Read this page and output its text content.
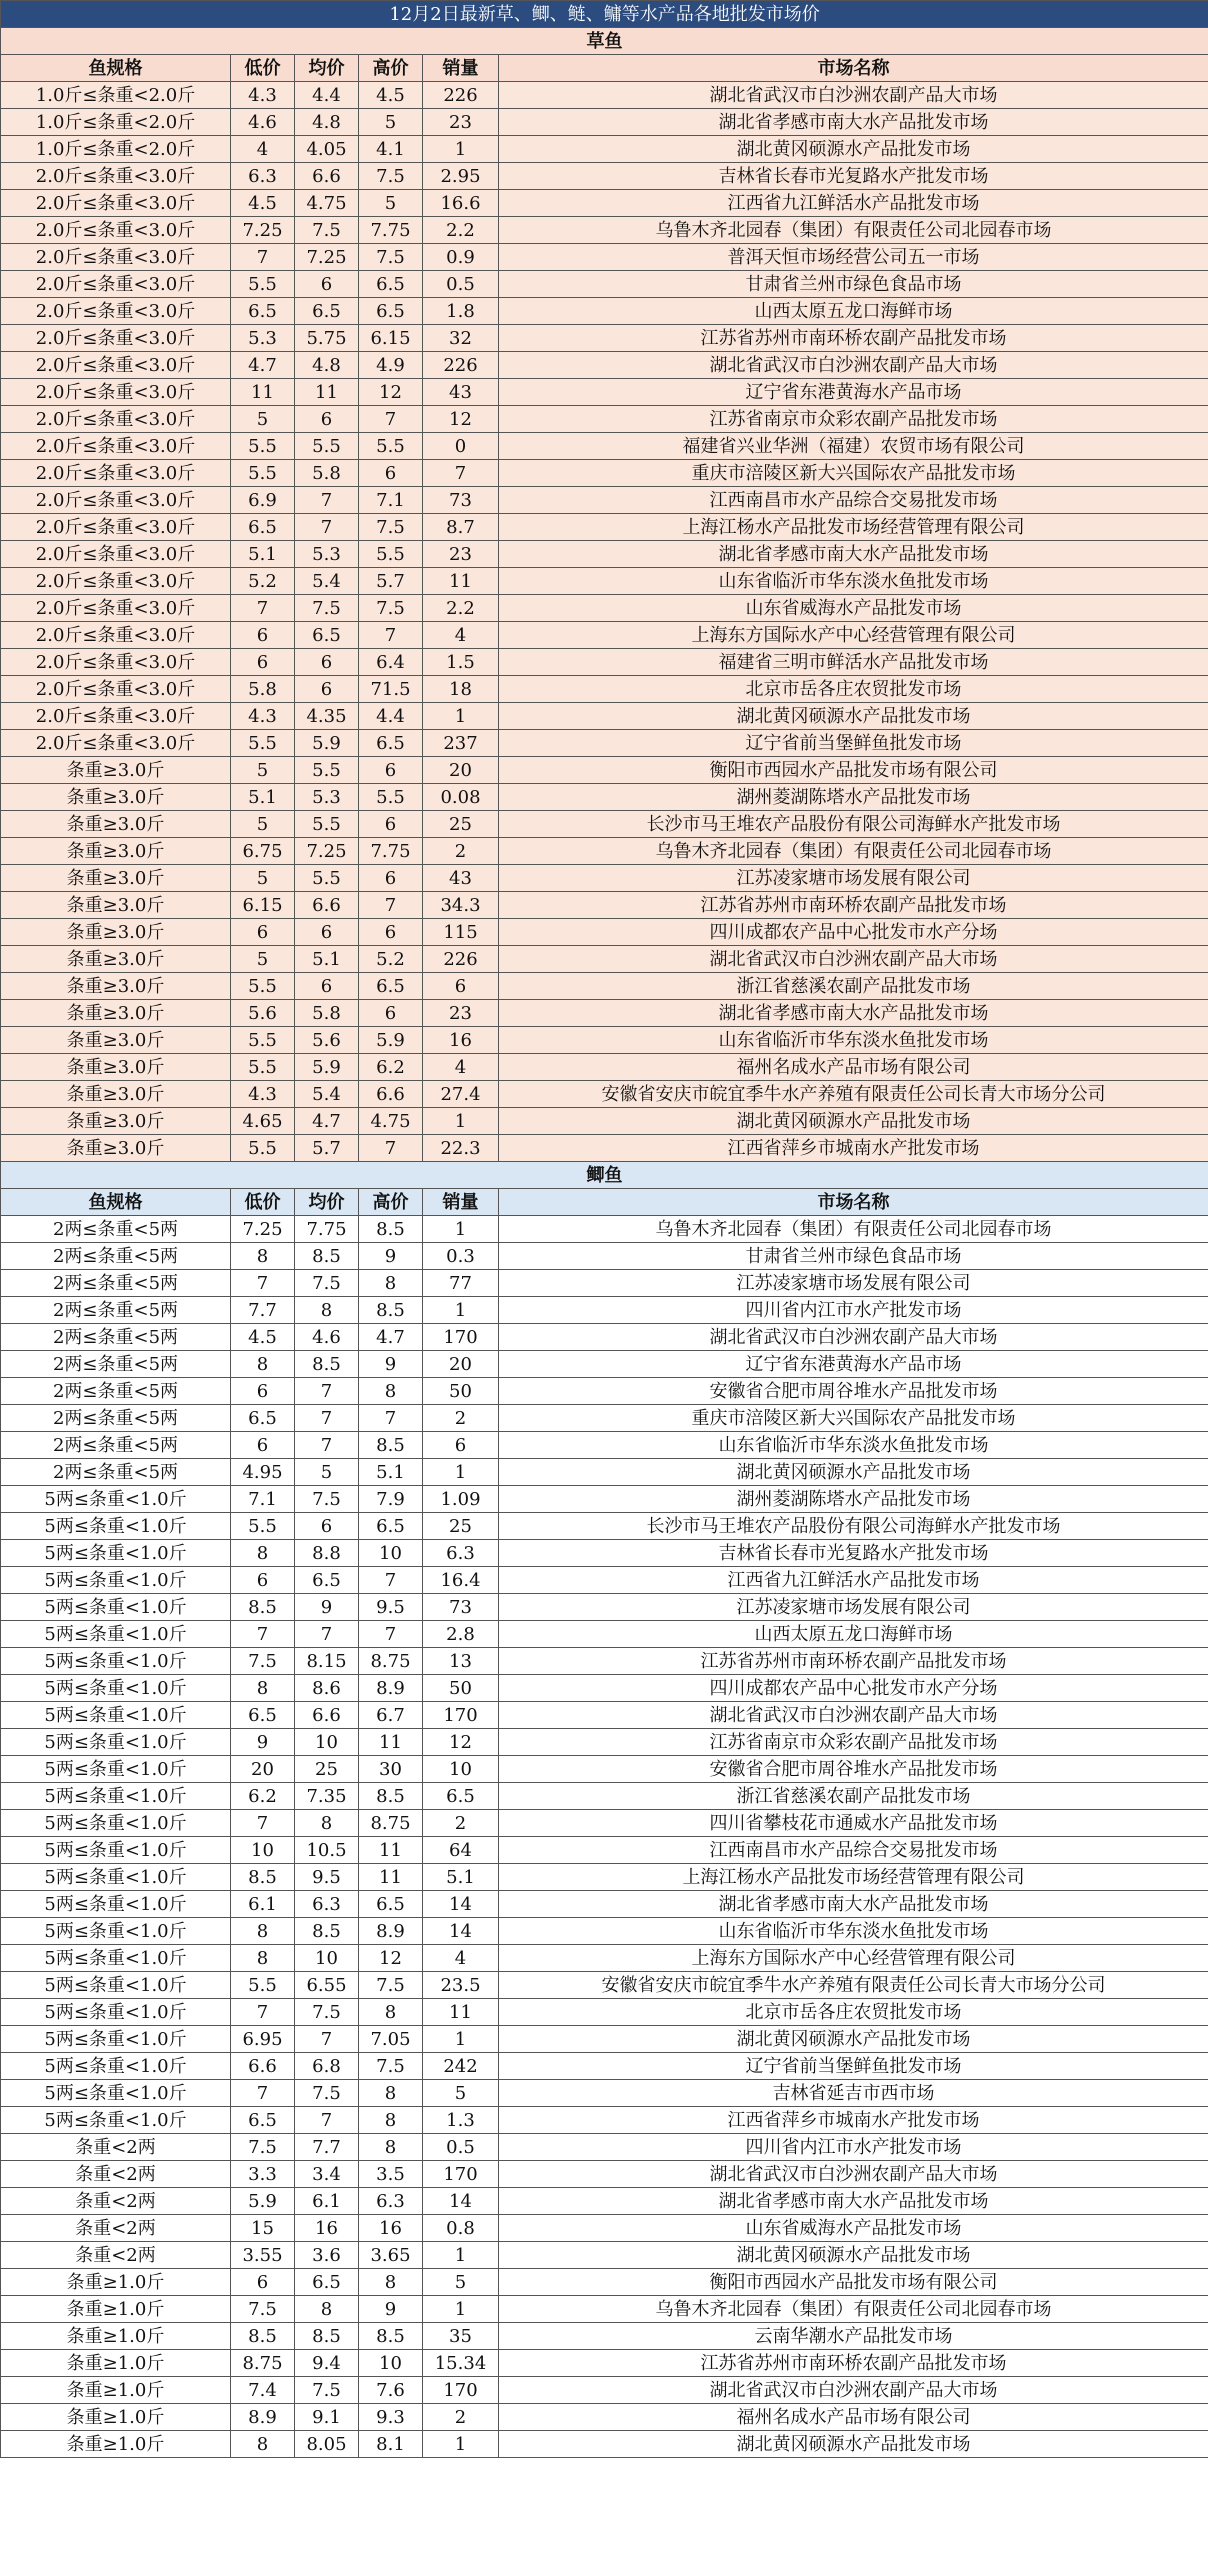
12月2日最新草、鲫、鲢、鳙等水产品各地批发市场价					
草鱼					
鱼规格	低价	均价	高价	销量	市场名称
1.0斤≤条重<2.0斤	4.3	4.4	4.5	226	湖北省武汉市白沙洲农副产品大市场
1.0斤≤条重<2.0斤	4.6	4.8	5	23	湖北省孝感市南大水产品批发市场
1.0斤≤条重<2.0斤	4	4.05	4.1	1	湖北黄冈硕源水产品批发市场
2.0斤≤条重<3.0斤	6.3	6.6	7.5	2.95	吉林省长春市光复路水产批发市场
2.0斤≤条重<3.0斤	4.5	4.75	5	16.6	江西省九江鲜活水产品批发市场
2.0斤≤条重<3.0斤	7.25	7.5	7.75	2.2	乌鲁木齐北园春（集团）有限责任公司北园春市场
2.0斤≤条重<3.0斤	7	7.25	7.5	0.9	普洱天恒市场经营公司五一市场
2.0斤≤条重<3.0斤	5.5	6	6.5	0.5	甘肃省兰州市绿色食品市场
2.0斤≤条重<3.0斤	6.5	6.5	6.5	1.8	山西太原五龙口海鲜市场
2.0斤≤条重<3.0斤	5.3	5.75	6.15	32	江苏省苏州市南环桥农副产品批发市场
2.0斤≤条重<3.0斤	4.7	4.8	4.9	226	湖北省武汉市白沙洲农副产品大市场
2.0斤≤条重<3.0斤	11	11	12	43	辽宁省东港黄海水产品市场
2.0斤≤条重<3.0斤	5	6	7	12	江苏省南京市众彩农副产品批发市场
2.0斤≤条重<3.0斤	5.5	5.5	5.5	0	福建省兴业华洲（福建）农贸市场有限公司
2.0斤≤条重<3.0斤	5.5	5.8	6	7	重庆市涪陵区新大兴国际农产品批发市场
2.0斤≤条重<3.0斤	6.9	7	7.1	73	江西南昌市水产品综合交易批发市场
2.0斤≤条重<3.0斤	6.5	7	7.5	8.7	上海江杨水产品批发市场经营管理有限公司
2.0斤≤条重<3.0斤	5.1	5.3	5.5	23	湖北省孝感市南大水产品批发市场
2.0斤≤条重<3.0斤	5.2	5.4	5.7	11	山东省临沂市华东淡水鱼批发市场
2.0斤≤条重<3.0斤	7	7.5	7.5	2.2	山东省威海水产品批发市场
2.0斤≤条重<3.0斤	6	6.5	7	4	上海东方国际水产中心经营管理有限公司
2.0斤≤条重<3.0斤	6	6	6.4	1.5	福建省三明市鲜活水产品批发市场
2.0斤≤条重<3.0斤	5.8	6	71.5	18	北京市岳各庄农贸批发市场
2.0斤≤条重<3.0斤	4.3	4.35	4.4	1	湖北黄冈硕源水产品批发市场
2.0斤≤条重<3.0斤	5.5	5.9	6.5	237	辽宁省前当堡鲜鱼批发市场
条重≥3.0斤	5	5.5	6	20	衡阳市西园水产品批发市场有限公司
条重≥3.0斤	5.1	5.3	5.5	0.08	湖州菱湖陈塔水产品批发市场
条重≥3.0斤	5	5.5	6	25	长沙市马王堆农产品股份有限公司海鲜水产批发市场
条重≥3.0斤	6.75	7.25	7.75	2	乌鲁木齐北园春（集团）有限责任公司北园春市场
条重≥3.0斤	5	5.5	6	43	江苏凌家塘市场发展有限公司
条重≥3.0斤	6.15	6.6	7	34.3	江苏省苏州市南环桥农副产品批发市场
条重≥3.0斤	6	6	6	115	四川成都农产品中心批发市水产分场
条重≥3.0斤	5	5.1	5.2	226	湖北省武汉市白沙洲农副产品大市场
条重≥3.0斤	5.5	6	6.5	6	浙江省慈溪农副产品批发市场
条重≥3.0斤	5.6	5.8	6	23	湖北省孝感市南大水产品批发市场
条重≥3.0斤	5.5	5.6	5.9	16	山东省临沂市华东淡水鱼批发市场
条重≥3.0斤	5.5	5.9	6.2	4	福州名成水产品市场有限公司
条重≥3.0斤	4.3	5.4	6.6	27.4	安徽省安庆市皖宜季牛水产养殖有限责任公司长青大市场分公司
条重≥3.0斤	4.65	4.7	4.75	1	湖北黄冈硕源水产品批发市场
条重≥3.0斤	5.5	5.7	7	22.3	江西省萍乡市城南水产批发市场
鲫鱼					
鱼规格	低价	均价	高价	销量	市场名称
2两≤条重<5两	7.25	7.75	8.5	1	乌鲁木齐北园春（集团）有限责任公司北园春市场
2两≤条重<5两	8	8.5	9	0.3	甘肃省兰州市绿色食品市场
2两≤条重<5两	7	7.5	8	77	江苏凌家塘市场发展有限公司
2两≤条重<5两	7.7	8	8.5	1	四川省内江市水产批发市场
2两≤条重<5两	4.5	4.6	4.7	170	湖北省武汉市白沙洲农副产品大市场
2两≤条重<5两	8	8.5	9	20	辽宁省东港黄海水产品市场
2两≤条重<5两	6	7	8	50	安徽省合肥市周谷堆水产品批发市场
2两≤条重<5两	6.5	7	7	2	重庆市涪陵区新大兴国际农产品批发市场
2两≤条重<5两	6	7	8.5	6	山东省临沂市华东淡水鱼批发市场
2两≤条重<5两	4.95	5	5.1	1	湖北黄冈硕源水产品批发市场
5两≤条重<1.0斤	7.1	7.5	7.9	1.09	湖州菱湖陈塔水产品批发市场
5两≤条重<1.0斤	5.5	6	6.5	25	长沙市马王堆农产品股份有限公司海鲜水产批发市场
5两≤条重<1.0斤	8	8.8	10	6.3	吉林省长春市光复路水产批发市场
5两≤条重<1.0斤	6	6.5	7	16.4	江西省九江鲜活水产品批发市场
5两≤条重<1.0斤	8.5	9	9.5	73	江苏凌家塘市场发展有限公司
5两≤条重<1.0斤	7	7	7	2.8	山西太原五龙口海鲜市场
5两≤条重<1.0斤	7.5	8.15	8.75	13	江苏省苏州市南环桥农副产品批发市场
5两≤条重<1.0斤	8	8.6	8.9	50	四川成都农产品中心批发市水产分场
5两≤条重<1.0斤	6.5	6.6	6.7	170	湖北省武汉市白沙洲农副产品大市场
5两≤条重<1.0斤	9	10	11	12	江苏省南京市众彩农副产品批发市场
5两≤条重<1.0斤	20	25	30	10	安徽省合肥市周谷堆水产品批发市场
5两≤条重<1.0斤	6.2	7.35	8.5	6.5	浙江省慈溪农副产品批发市场
5两≤条重<1.0斤	7	8	8.75	2	四川省攀枝花市通威水产品批发市场
5两≤条重<1.0斤	10	10.5	11	64	江西南昌市水产品综合交易批发市场
5两≤条重<1.0斤	8.5	9.5	11	5.1	上海江杨水产品批发市场经营管理有限公司
5两≤条重<1.0斤	6.1	6.3	6.5	14	湖北省孝感市南大水产品批发市场
5两≤条重<1.0斤	8	8.5	8.9	14	山东省临沂市华东淡水鱼批发市场
5两≤条重<1.0斤	8	10	12	4	上海东方国际水产中心经营管理有限公司
5两≤条重<1.0斤	5.5	6.55	7.5	23.5	安徽省安庆市皖宜季牛水产养殖有限责任公司长青大市场分公司
5两≤条重<1.0斤	7	7.5	8	11	北京市岳各庄农贸批发市场
5两≤条重<1.0斤	6.95	7	7.05	1	湖北黄冈硕源水产品批发市场
5两≤条重<1.0斤	6.6	6.8	7.5	242	辽宁省前当堡鲜鱼批发市场
5两≤条重<1.0斤	7	7.5	8	5	吉林省延吉市西市场
5两≤条重<1.0斤	6.5	7	8	1.3	江西省萍乡市城南水产批发市场
条重<2两	7.5	7.7	8	0.5	四川省内江市水产批发市场
条重<2两	3.3	3.4	3.5	170	湖北省武汉市白沙洲农副产品大市场
条重<2两	5.9	6.1	6.3	14	湖北省孝感市南大水产品批发市场
条重<2两	15	16	16	0.8	山东省威海水产品批发市场
条重<2两	3.55	3.6	3.65	1	湖北黄冈硕源水产品批发市场
条重≥1.0斤	6	6.5	8	5	衡阳市西园水产品批发市场有限公司
条重≥1.0斤	7.5	8	9	1	乌鲁木齐北园春（集团）有限责任公司北园春市场
条重≥1.0斤	8.5	8.5	8.5	35	云南华潮水产品批发市场
条重≥1.0斤	8.75	9.4	10	15.34	江苏省苏州市南环桥农副产品批发市场
条重≥1.0斤	7.4	7.5	7.6	170	湖北省武汉市白沙洲农副产品大市场
条重≥1.0斤	8.9	9.1	9.3	2	福州名成水产品市场有限公司
条重≥1.0斤	8	8.05	8.1	1	湖北黄冈硕源水产品批发市场
